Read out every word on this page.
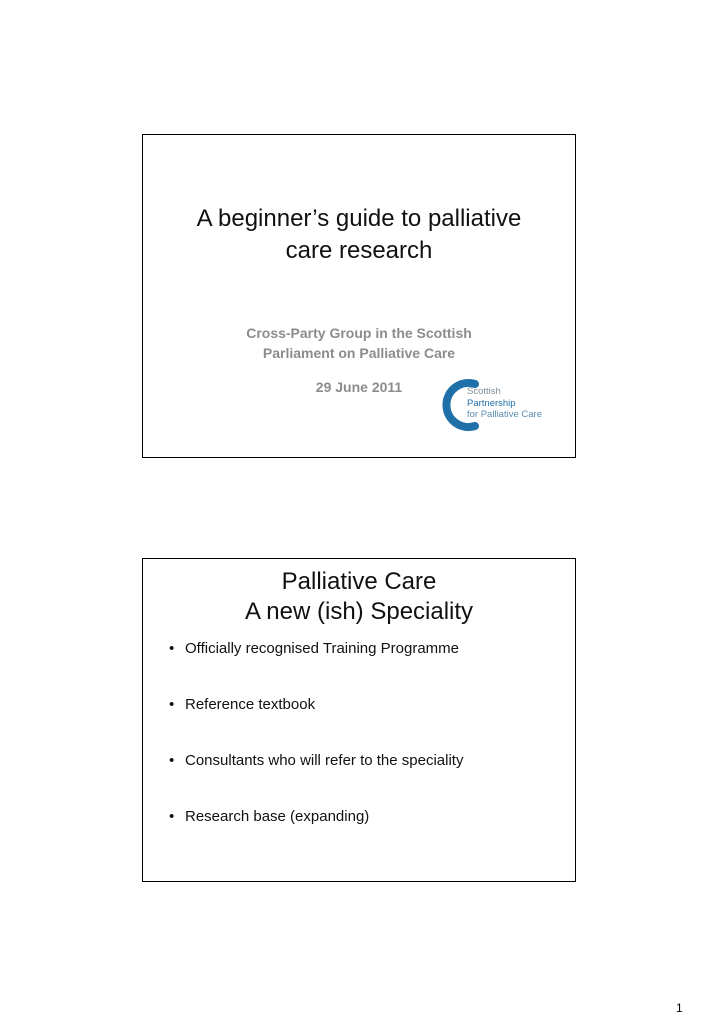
A beginner’s guide to palliative
care research
Cross-Party Group in the Scottish
Parliament on Palliative Care
29 June 2011	Scottish
Partnership
for Palliative Care
Palliative Care
A new (ish) Speciality
• Officially recognised Training Programme
• Reference textbook
• Consultants who will refer to the speciality
• Research base (expanding)
1
